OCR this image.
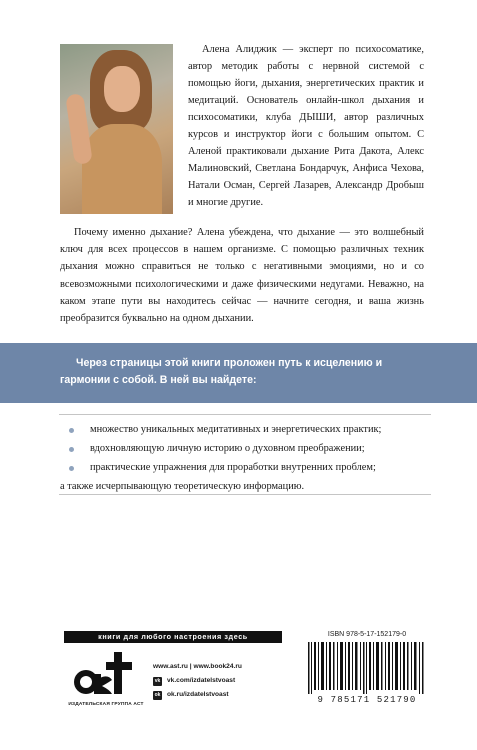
Алена Алиджик — эксперт по психосоматике, автор методик работы с нервной системой с помощью йоги, дыхания, энергетических практик и медитаций. Основатель онлайн-школ дыхания и психосоматики, клуба ДЫШИ, автор различных курсов и инструктор йоги с большим опытом. С Аленой практиковали дыхание Рита Дакота, Алекс Малиновский, Светлана Бондарчук, Анфиса Чехова, Натали Осман, Сергей Лазарев, Александр Дробыш и многие другие.

Почему именно дыхание? Алена убеждена, что дыхание — это волшебный ключ для всех процессов в нашем организме. С помощью различных техник дыхания можно справиться не только с негативными эмоциями, но и со всевозможными психологическими и даже физическими недугами. Неважно, на каком этапе пути вы находитесь сейчас — начните сегодня, и ваша жизнь преобразится буквально на одном дыхании.

Через страницы этой книги проложен путь к исцелению и гармонии с собой. В ней вы найдете:

множество уникальных медитативных и энергетических практик;
вдохновляющую личную историю о духовном преображении;
практические упражнения для проработки внутренних проблем;
а также исчерпывающую теоретическую информацию.

книги для любого настроения здесь

ИЗДАТЕЛЬСКАЯ ГРУППА АСТ

www.ast.ru | www.book24.ru
vk vk.com/izdatelstvoast
ok ok.ru/izdatelstvoast

ISBN 978-5-17-152179-0

9 785171 521790
